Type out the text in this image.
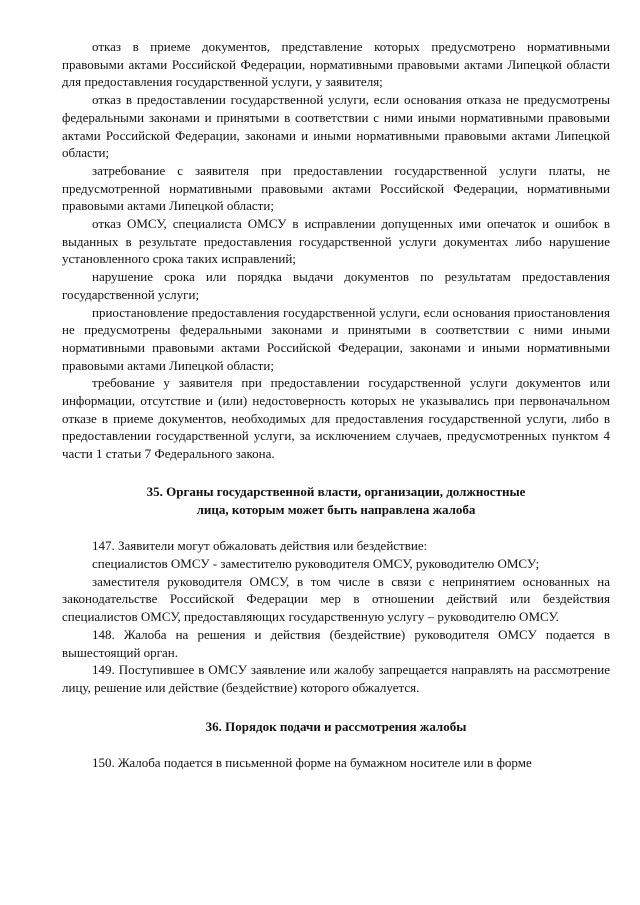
отказ в приеме документов, представление которых предусмотрено нормативными правовыми актами Российской Федерации, нормативными правовыми актами Липецкой области для предоставления государственной услуги, у заявителя;

отказ в предоставлении государственной услуги, если основания отказа не предусмотрены федеральными законами и принятыми в соответствии с ними иными нормативными правовыми актами Российской Федерации, законами и иными нормативными правовыми актами Липецкой области;

затребование с заявителя при предоставлении государственной услуги платы, не предусмотренной нормативными правовыми актами Российской Федерации, нормативными правовыми актами Липецкой области;

отказ ОМСУ, специалиста ОМСУ в исправлении допущенных ими опечаток и ошибок в выданных в результате предоставления государственной услуги документах либо нарушение установленного срока таких исправлений;

нарушение срока или порядка выдачи документов по результатам предоставления государственной услуги;

приостановление предоставления государственной услуги, если основания приостановления не предусмотрены федеральными законами и принятыми в соответствии с ними иными нормативными правовыми актами Российской Федерации, законами и иными нормативными правовыми актами Липецкой области;

требование у заявителя при предоставлении государственной услуги документов или информации, отсутствие и (или) недостоверность которых не указывались при первоначальном отказе в приеме документов, необходимых для предоставления государственной услуги, либо в предоставлении государственной услуги, за исключением случаев, предусмотренных пунктом 4 части 1 статьи 7 Федерального закона.

35. Органы государственной власти, организации, должностные
лица, которым может быть направлена жалоба

147. Заявители могут обжаловать действия или бездействие:

специалистов ОМСУ - заместителю руководителя ОМСУ, руководителю ОМСУ;

заместителя руководителя ОМСУ, в том числе в связи с непринятием основанных на законодательстве Российской Федерации мер в отношении действий или бездействия специалистов ОМСУ, предоставляющих государственную услугу – руководителю ОМСУ.

148. Жалоба на решения и действия (бездействие) руководителя ОМСУ подается в вышестоящий орган.

149. Поступившее в ОМСУ заявление или жалобу запрещается направлять на рассмотрение лицу, решение или действие (бездействие) которого обжалуется.

36. Порядок подачи и рассмотрения жалобы

150. Жалоба подается в письменной форме на бумажном носителе или в форме
